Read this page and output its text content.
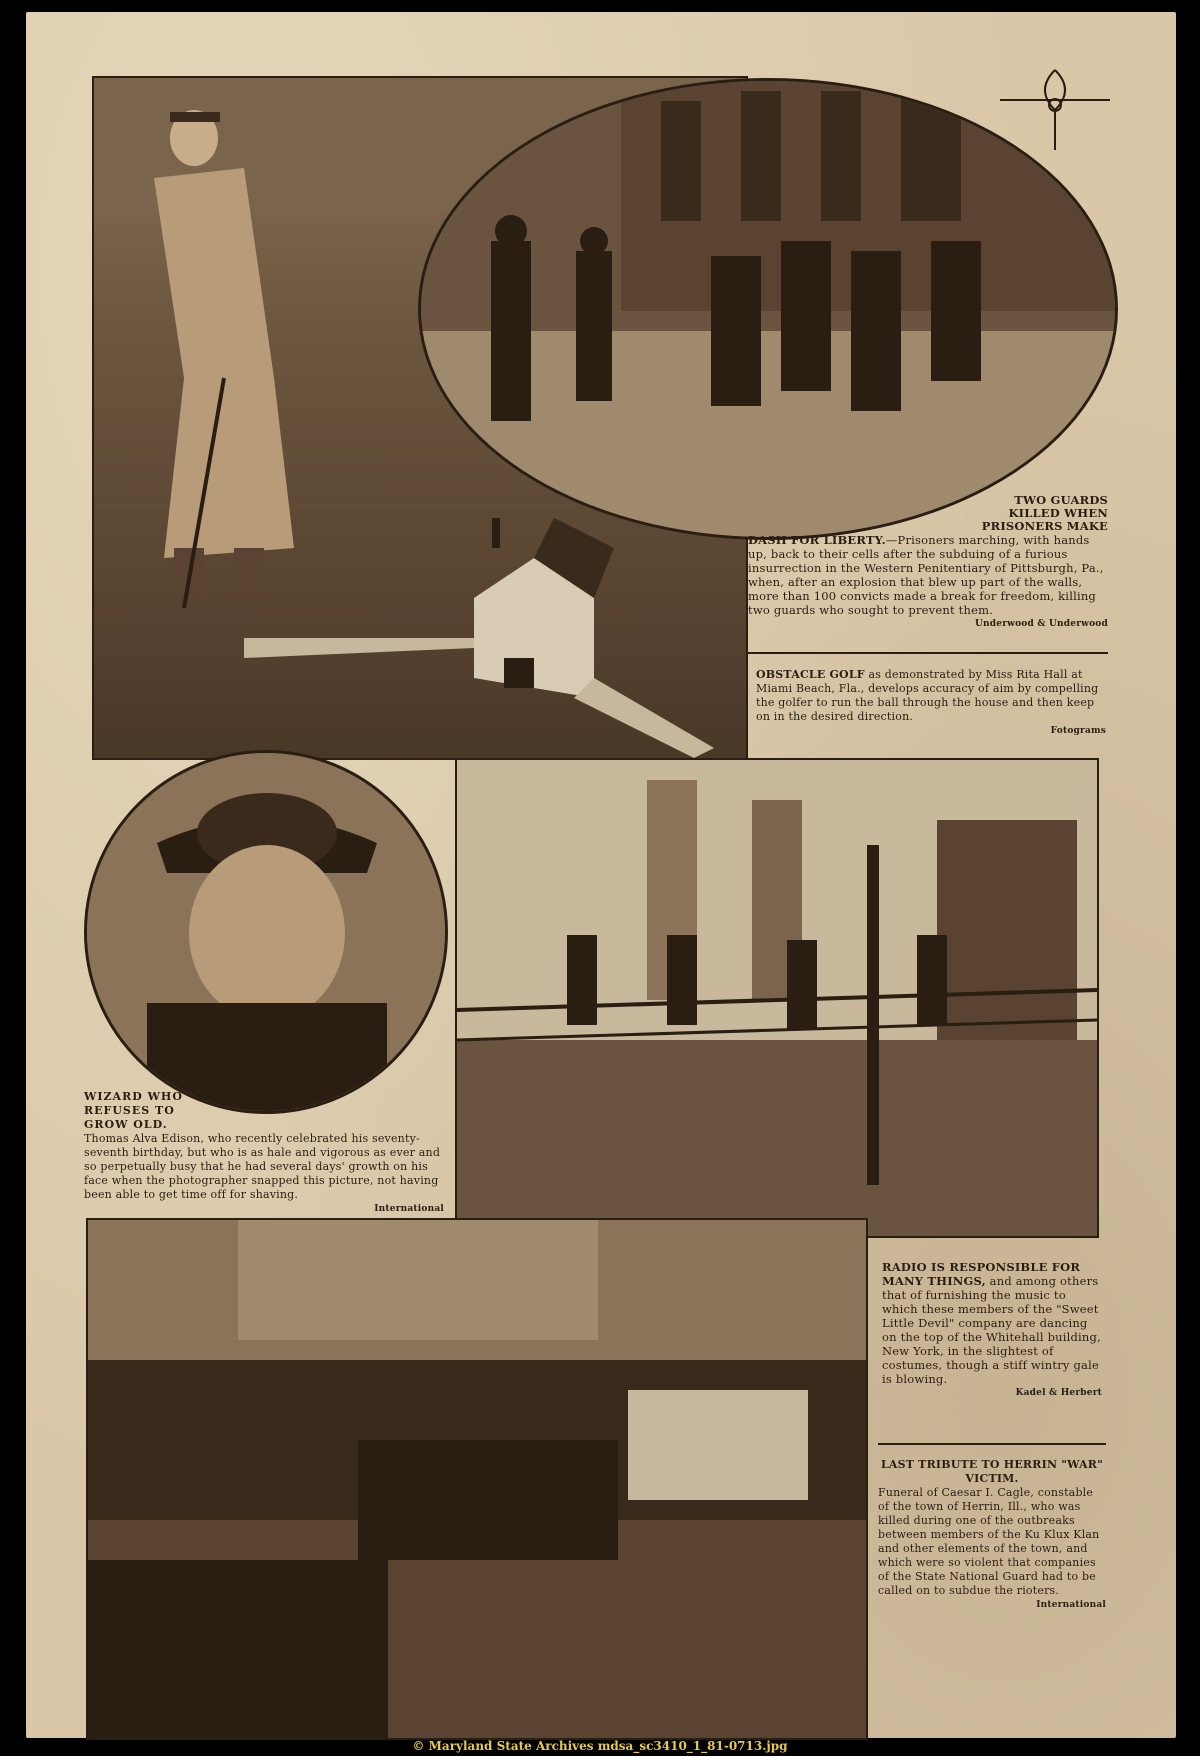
TWO GUARDS KILLED WHEN PRISONERS MAKE
DASH FOR LIBERTY.—Prisoners marching, with hands up, back to their cells after the subduing of a furious insurrection in the Western Penitentiary of Pittsburgh, Pa., when, after an explosion that blew up part of the walls, more than 100 convicts made a break for freedom, killing two guards who sought to prevent them.
Underwood & Underwood
OBSTACLE GOLF as demonstrated by Miss Rita Hall at Miami Beach, Fla., develops accuracy of aim by compelling the golfer to run the ball through the house and then keep on in the desired direction.
Fotograms
WIZARD WHO REFUSES TO GROW OLD.
Thomas Alva Edison, who recently celebrated his seventy-seventh birthday, but who is as hale and vigorous as ever and so perpetually busy that he had several days' growth on his face when the photographer snapped this picture, not having been able to get time off for shaving.
International
RADIO IS RESPONSIBLE FOR MANY THINGS, and among others that of furnishing the music to which these members of the "Sweet Little Devil" company are dancing on the top of the Whitehall building, New York, in the slightest of costumes, though a stiff wintry gale is blowing.
Kadel & Herbert
LAST TRIBUTE TO HERRIN "WAR" VICTIM.
Funeral of Caesar I. Cagle, constable of the town of Herrin, Ill., who was killed during one of the outbreaks between members of the Ku Klux Klan and other elements of the town, and which were so violent that companies of the State National Guard had to be called on to subdue the rioters.
International
© Maryland State Archives mdsa_sc3410_1_81-0713.jpg
